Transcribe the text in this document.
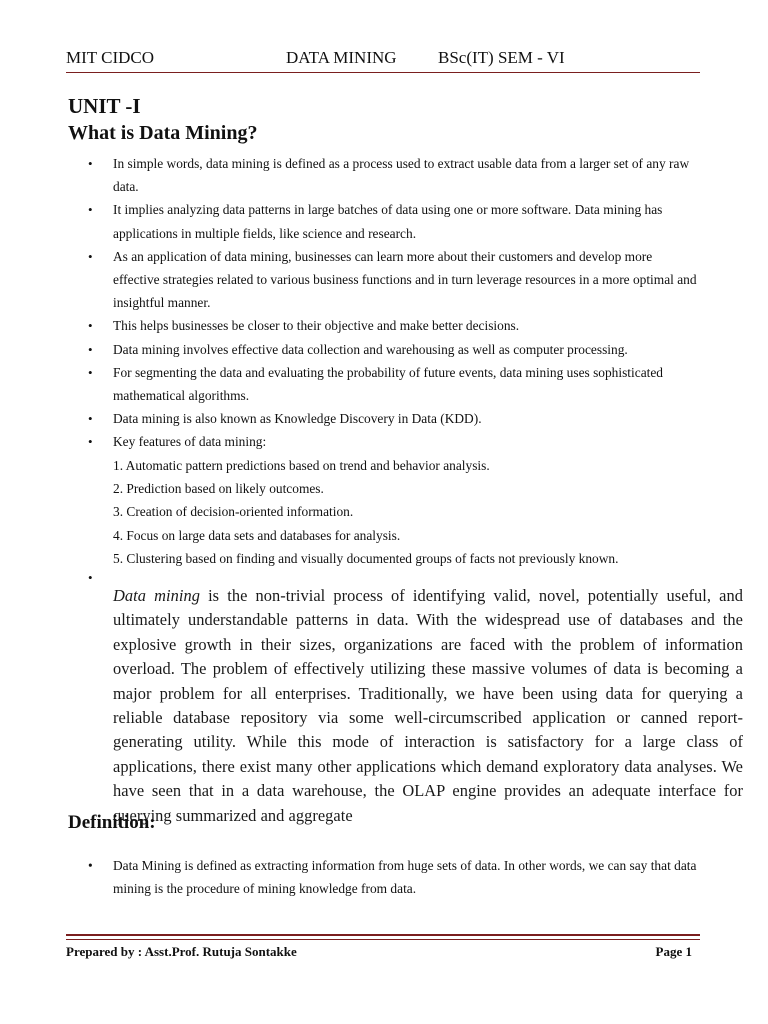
MIT CIDCO	DATA MINING BSc(IT) SEM - VI
UNIT -I
What is Data Mining?
• In simple words, data mining is defined as a process used to extract usable data from a larger set of any raw data.
• It implies analyzing data patterns in large batches of data using one or more software. Data mining has applications in multiple fields, like science and research.
• As an application of data mining, businesses can learn more about their customers and develop more effective strategies related to various business functions and in turn leverage resources in a more optimal and insightful manner.
• This helps businesses be closer to their objective and make better decisions.
• Data mining involves effective data collection and warehousing as well as computer processing.
• For segmenting the data and evaluating the probability of future events, data mining uses sophisticated mathematical algorithms.
• Data mining is also known as Knowledge Discovery in Data (KDD).
• Key features of data mining:
1. Automatic pattern predictions based on trend and behavior analysis.
2. Prediction based on likely outcomes.
3. Creation of decision-oriented information.
4. Focus on large data sets and databases for analysis.
5. Clustering based on finding and visually documented groups of facts not previously known.
•

Data mining is the non-trivial process of identifying valid, novel, potentially useful, and ultimately understandable patterns in data. With the widespread use of databases and the explosive growth in their sizes, organizations are faced with the problem of information overload. The problem of effectively utilizing these massive volumes of data is becoming a major problem for all enterprises. Traditionally, we have been using data for querying a reliable database repository via some well-circumscribed application or canned report-generating utility. While this mode of interaction is satisfactory for a large class of applications, there exist many other applications which demand exploratory data analyses. We have seen that in a data warehouse, the OLAP engine provides an adequate interface for querying summarized and aggregate

Definition:
• Data Mining is defined as extracting information from huge sets of data. In other words, we can say that data mining is the procedure of mining knowledge from data.
Prepared by : Asst.Prof. Rutuja Sontakke	Page 1
